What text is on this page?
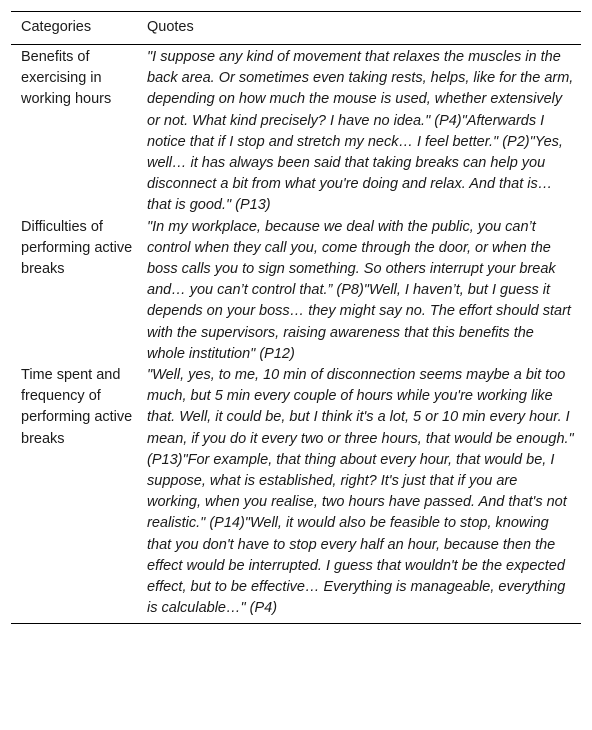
Categories	Quotes
Benefits of exercising in working hours	"I suppose any kind of movement that relaxes the muscles in the back area. Or sometimes even taking rests, helps, like for the arm, depending on how much the mouse is used, whether extensively or not. What kind precisely? I have no idea." (P4)"Afterwards I notice that if I stop and stretch my neck… I feel better." (P2)"Yes, well… it has always been said that taking breaks can help you disconnect a bit from what you're doing and relax. And that is… that is good." (P13)
Difficulties of performing active breaks	"In my workplace, because we deal with the public, you can’t control when they call you, come through the door, or when the boss calls you to sign something. So others interrupt your break and… you can’t control that.” (P8)"Well, I haven’t, but I guess it depends on your boss… they might say no. The effort should start with the supervisors, raising awareness that this benefits the whole institution" (P12)
Time spent and frequency of performing active breaks	"Well, yes, to me, 10 min of disconnection seems maybe a bit too much, but 5 min every couple of hours while you're working like that. Well, it could be, but I think it's a lot, 5 or 10 min every hour. I mean, if you do it every two or three hours, that would be enough." (P13)"For example, that thing about every hour, that would be, I suppose, what is established, right? It's just that if you are working, when you realise, two hours have passed. And that's not realistic." (P14)"Well, it would also be feasible to stop, knowing that you don't have to stop every half an hour, because then the effect would be interrupted. I guess that wouldn't be the expected effect, but to be effective… Everything is manageable, everything is calculable…" (P4)
